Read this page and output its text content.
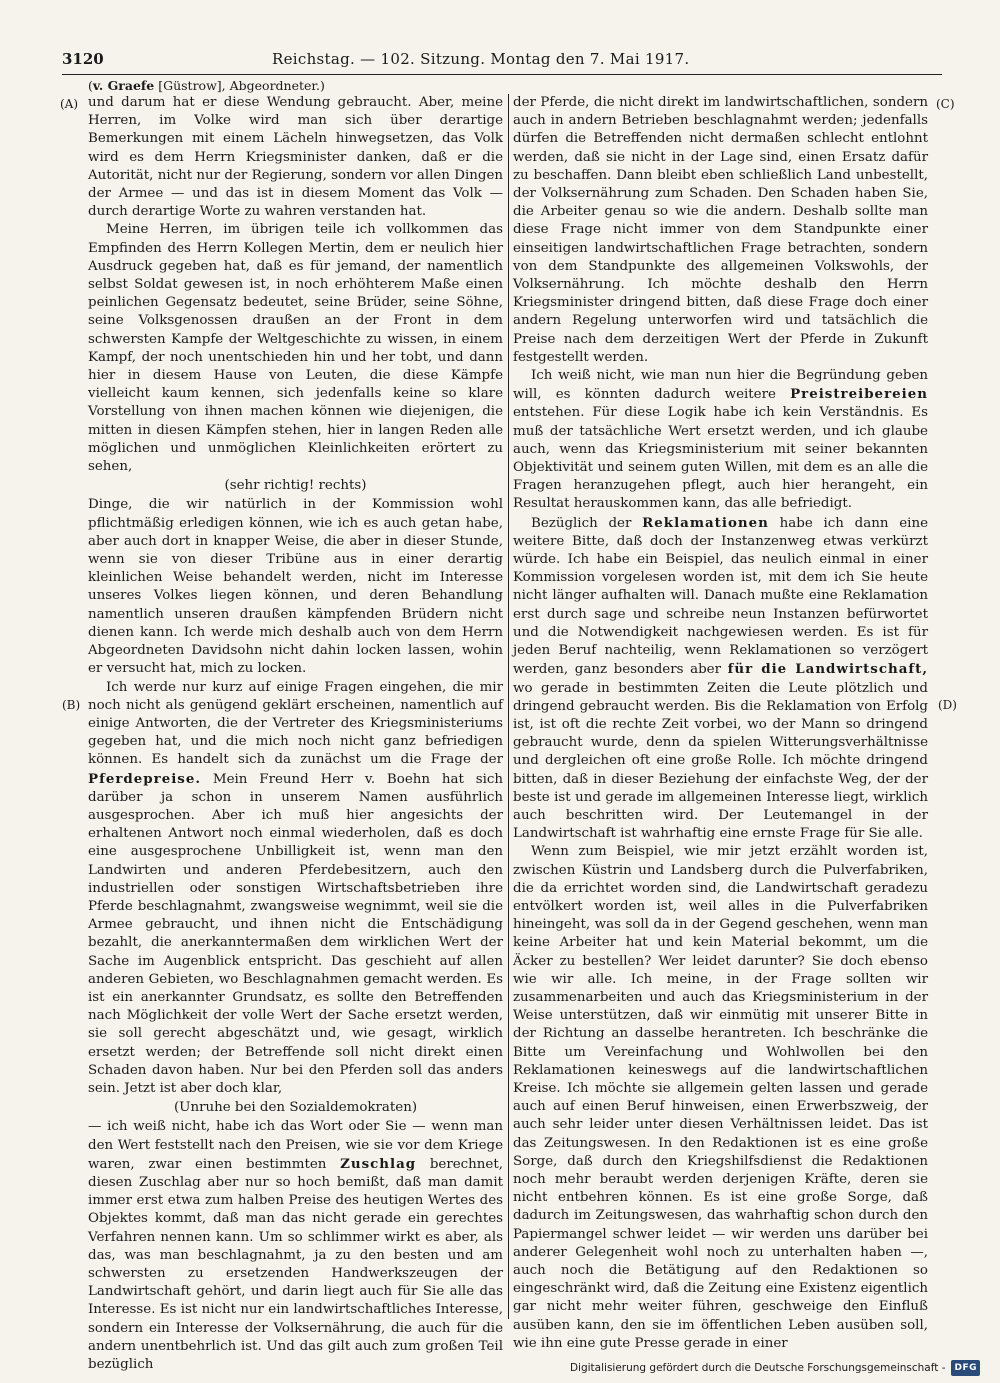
3120	Reichstag. — 102. Sitzung. Montag den 7. Mai 1917.
(v. Graefe [Güstrow], Abgeordneter.)
(A)
(B)
(C)
(D)

und darum hat er diese Wendung gebraucht. Aber, meine Herren, im Volke wird man sich über derartige Bemerkungen mit einem Lächeln hinwegsetzen, das Volk wird es dem Herrn Kriegsminister danken, daß er die Autorität, nicht nur der Regierung, sondern vor allen Dingen der Armee — und das ist in diesem Moment das Volk — durch derartige Worte zu wahren verstanden hat.

Meine Herren, im übrigen teile ich vollkommen das Empfinden des Herrn Kollegen Mertin, dem er neulich hier Ausdruck gegeben hat, daß es für jemand, der namentlich selbst Soldat gewesen ist, in noch erhöhterem Maße einen peinlichen Gegensatz bedeutet, seine Brüder, seine Söhne, seine Volksgenossen draußen an der Front in dem schwersten Kampfe der Weltgeschichte zu wissen, in einem Kampf, der noch unentschieden hin und her tobt, und dann hier in diesem Hause von Leuten, die diese Kämpfe vielleicht kaum kennen, sich jedenfalls keine so klare Vorstellung von ihnen machen können wie diejenigen, die mitten in diesen Kämpfen stehen, hier in langen Reden alle möglichen und unmöglichen Kleinlichkeiten erörtert zu sehen,

(sehr richtig! rechts)

Dinge, die wir natürlich in der Kommission wohl pflichtmäßig erledigen können, wie ich es auch getan habe, aber auch dort in knapper Weise, die aber in dieser Stunde, wenn sie von dieser Tribüne aus in einer derartig kleinlichen Weise behandelt werden, nicht im Interesse unseres Volkes liegen können, und deren Behandlung namentlich unseren draußen kämpfenden Brüdern nicht dienen kann. Ich werde mich deshalb auch von dem Herrn Abgeordneten Davidsohn nicht dahin locken lassen, wohin er versucht hat, mich zu locken.

Ich werde nur kurz auf einige Fragen eingehen, die mir noch nicht als genügend geklärt erscheinen, namentlich auf einige Antworten, die der Vertreter des Kriegsministeriums gegeben hat, und die mich noch nicht ganz befriedigen können. Es handelt sich da zunächst um die Frage der Pferdepreise. Mein Freund Herr v. Boehn hat sich darüber ja schon in unserem Namen ausführlich ausgesprochen. Aber ich muß hier angesichts der erhaltenen Antwort noch einmal wiederholen, daß es doch eine ausgesprochene Unbilligkeit ist, wenn man den Landwirten und anderen Pferdebesitzern, auch den industriellen oder sonstigen Wirtschaftsbetrieben ihre Pferde beschlagnahmt, zwangsweise wegnimmt, weil sie die Armee gebraucht, und ihnen nicht die Entschädigung bezahlt, die anerkanntermaßen dem wirklichen Wert der Sache im Augenblick entspricht. Das geschieht auf allen anderen Gebieten, wo Beschlagnahmen gemacht werden. Es ist ein anerkannter Grundsatz, es sollte den Betreffenden nach Möglichkeit der volle Wert der Sache ersetzt werden, sie soll gerecht abgeschätzt und, wie gesagt, wirklich ersetzt werden; der Betreffende soll nicht direkt einen Schaden davon haben. Nur bei den Pferden soll das anders sein. Jetzt ist aber doch klar,

(Unruhe bei den Sozialdemokraten)

— ich weiß nicht, habe ich das Wort oder Sie — wenn man den Wert feststellt nach den Preisen, wie sie vor dem Kriege waren, zwar einen bestimmten Zuschlag berechnet, diesen Zuschlag aber nur so hoch bemißt, daß man damit immer erst etwa zum halben Preise des heutigen Wertes des Objektes kommt, daß man das nicht gerade ein gerechtes Verfahren nennen kann. Um so schlimmer wirkt es aber, als das, was man beschlagnahmt, ja zu den besten und am schwersten zu ersetzenden Handwerkszeugen der Landwirtschaft gehört, und darin liegt auch für Sie alle das Interesse. Es ist nicht nur ein landwirtschaftliches Interesse, sondern ein Interesse der Volksernährung, die auch für die andern unentbehrlich ist. Und das gilt auch zum großen Teil bezüglich

der Pferde, die nicht direkt im landwirtschaftlichen, sondern auch in andern Betrieben beschlagnahmt werden; jedenfalls dürfen die Betreffenden nicht dermaßen schlecht entlohnt werden, daß sie nicht in der Lage sind, einen Ersatz dafür zu beschaffen. Dann bleibt eben schließlich Land unbestellt, der Volksernährung zum Schaden. Den Schaden haben Sie, die Arbeiter genau so wie die andern. Deshalb sollte man diese Frage nicht immer von dem Standpunkte einer einseitigen landwirtschaftlichen Frage betrachten, sondern von dem Standpunkte des allgemeinen Volkswohls, der Volksernährung. Ich möchte deshalb den Herrn Kriegsminister dringend bitten, daß diese Frage doch einer andern Regelung unterworfen wird und tatsächlich die Preise nach dem derzeitigen Wert der Pferde in Zukunft festgestellt werden.

Ich weiß nicht, wie man nun hier die Begründung geben will, es könnten dadurch weitere Preistreibereien entstehen. Für diese Logik habe ich kein Verständnis. Es muß der tatsächliche Wert ersetzt werden, und ich glaube auch, wenn das Kriegsministerium mit seiner bekannten Objektivität und seinem guten Willen, mit dem es an alle die Fragen heranzugehen pflegt, auch hier herangeht, ein Resultat herauskommen kann, das alle befriedigt.

Bezüglich der Reklamationen habe ich dann eine weitere Bitte, daß doch der Instanzenweg etwas verkürzt würde. Ich habe ein Beispiel, das neulich einmal in einer Kommission vorgelesen worden ist, mit dem ich Sie heute nicht länger aufhalten will. Danach mußte eine Reklamation erst durch sage und schreibe neun Instanzen befürwortet und die Notwendigkeit nachgewiesen werden. Es ist für jeden Beruf nachteilig, wenn Reklamationen so verzögert werden, ganz besonders aber für die Landwirtschaft, wo gerade in bestimmten Zeiten die Leute plötzlich und dringend gebraucht werden. Bis die Reklamation von Erfolg ist, ist oft die rechte Zeit vorbei, wo der Mann so dringend gebraucht wurde, denn da spielen Witterungsverhältnisse und dergleichen oft eine große Rolle. Ich möchte dringend bitten, daß in dieser Beziehung der einfachste Weg, der der beste ist und gerade im allgemeinen Interesse liegt, wirklich auch beschritten wird. Der Leutemangel in der Landwirtschaft ist wahrhaftig eine ernste Frage für Sie alle.

Wenn zum Beispiel, wie mir jetzt erzählt worden ist, zwischen Küstrin und Landsberg durch die Pulverfabriken, die da errichtet worden sind, die Landwirtschaft geradezu entvölkert worden ist, weil alles in die Pulverfabriken hineingeht, was soll da in der Gegend geschehen, wenn man keine Arbeiter hat und kein Material bekommt, um die Äcker zu bestellen? Wer leidet darunter? Sie doch ebenso wie wir alle. Ich meine, in der Frage sollten wir zusammenarbeiten und auch das Kriegsministerium in der Weise unterstützen, daß wir einmütig mit unserer Bitte in der Richtung an dasselbe herantreten. Ich beschränke die Bitte um Vereinfachung und Wohlwollen bei den Reklamationen keineswegs auf die landwirtschaftlichen Kreise. Ich möchte sie allgemein gelten lassen und gerade auch auf einen Beruf hinweisen, einen Erwerbszweig, der auch sehr leider unter diesen Verhältnissen leidet. Das ist das Zeitungswesen. In den Redaktionen ist es eine große Sorge, daß durch den Kriegshilfsdienst die Redaktionen noch mehr beraubt werden derjenigen Kräfte, deren sie nicht entbehren können. Es ist eine große Sorge, daß dadurch im Zeitungswesen, das wahrhaftig schon durch den Papiermangel schwer leidet — wir werden uns darüber bei anderer Gelegenheit wohl noch zu unterhalten haben —, auch noch die Betätigung auf den Redaktionen so eingeschränkt wird, daß die Zeitung eine Existenz eigentlich gar nicht mehr weiter führen, geschweige den Einfluß ausüben kann, den sie im öffentlichen Leben ausüben soll, wie ihn eine gute Presse gerade in einer

Digitalisierung gefördert durch die Deutsche Forschungsgemeinschaft -	DFG
